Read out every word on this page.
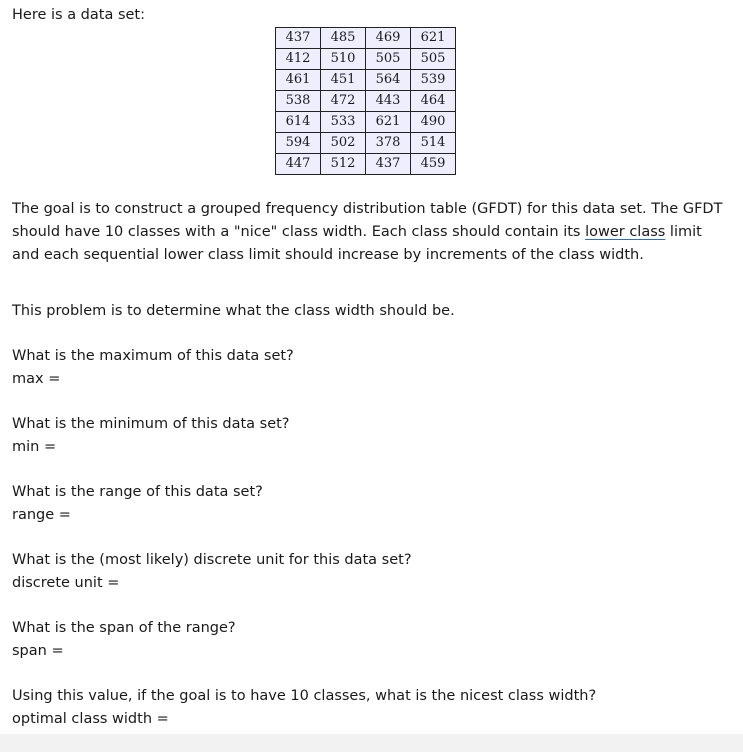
Here is a data set:

437	485	469	621
412	510	505	505
461	451	564	539
538	472	443	464
614	533	621	490
594	502	378	514
447	512	437	459

The goal is to construct a grouped frequency distribution table (GFDT) for this data set. The GFDT should have 10 classes with a "nice" class width. Each class should contain its lower class limit and each sequential lower class limit should increase by increments of the class width.

This problem is to determine what the class width should be.

What is the maximum of this data set?

max =

What is the minimum of this data set?

min =

What is the range of this data set?

range =

What is the (most likely) discrete unit for this data set?

discrete unit =

What is the span of the range?

span =

Using this value, if the goal is to have 10 classes, what is the nicest class width?

optimal class width =
